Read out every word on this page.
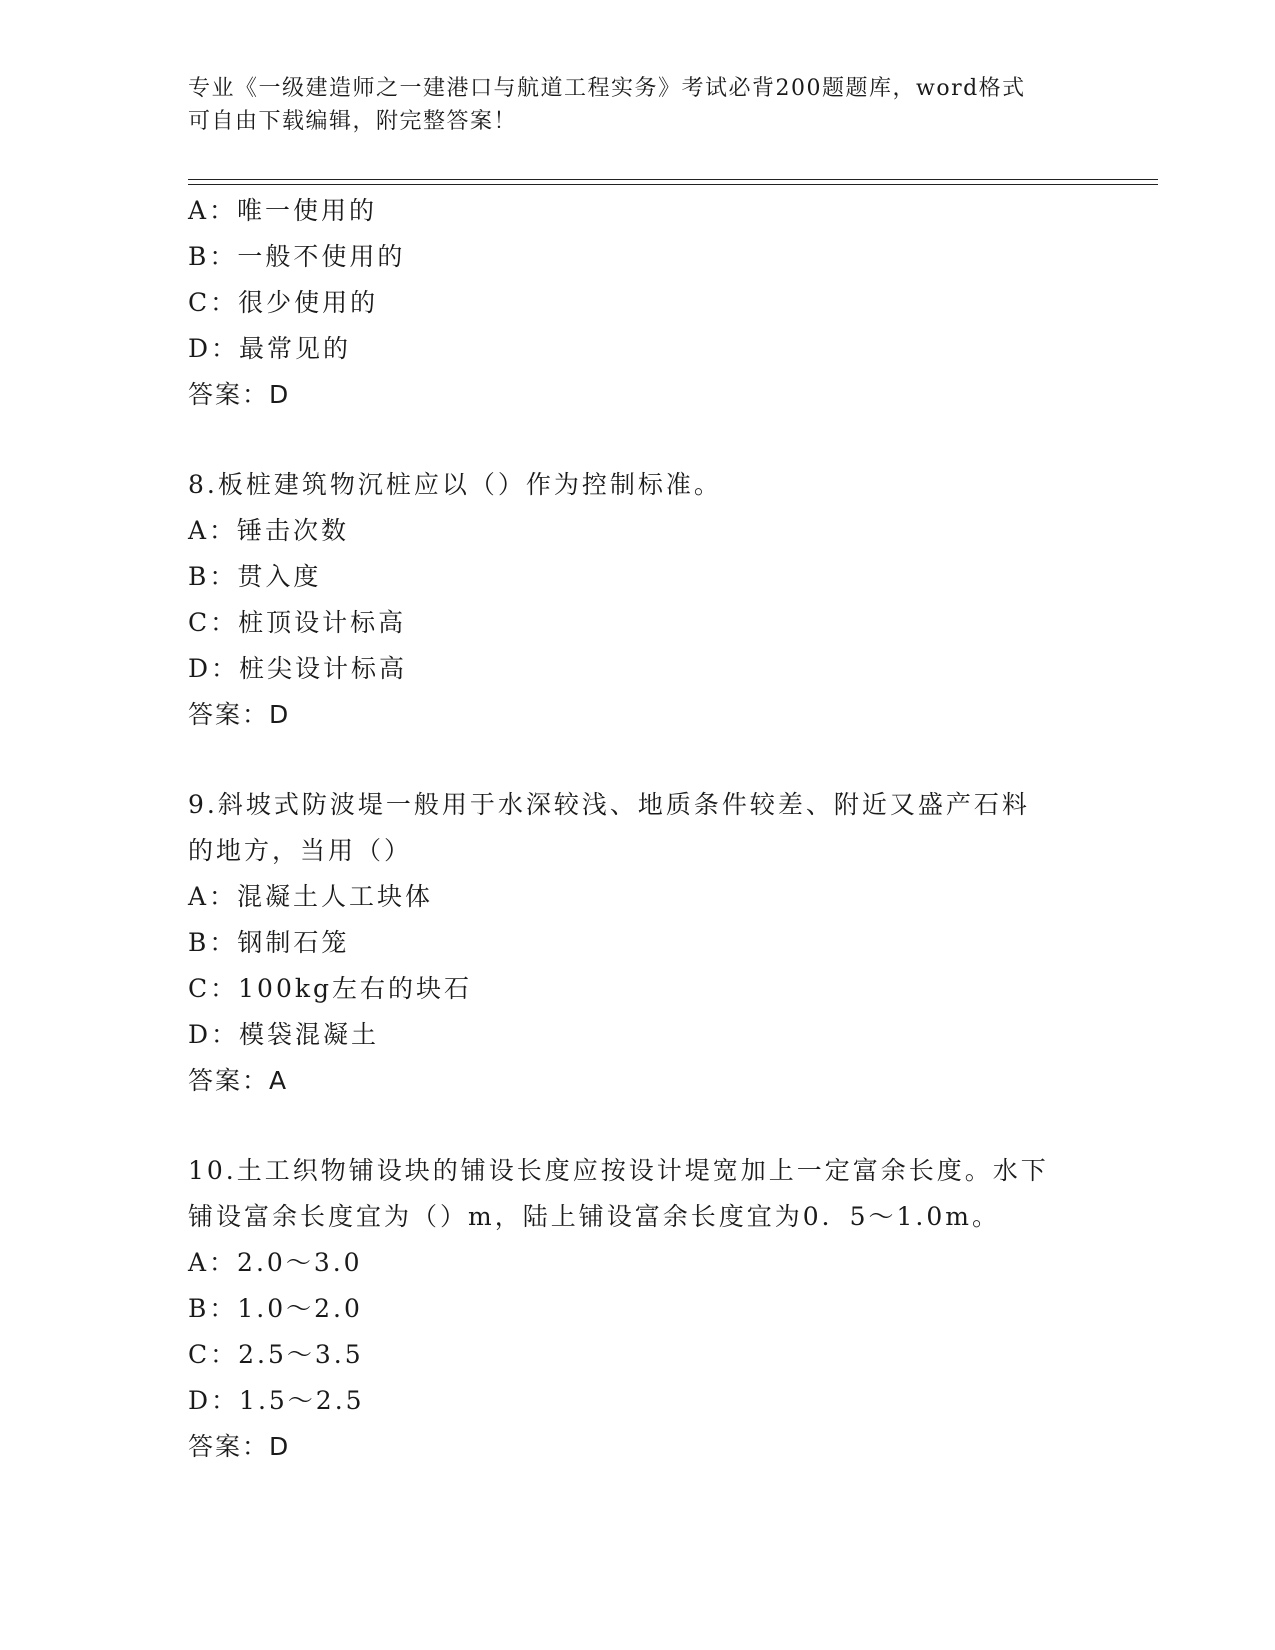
专业《一级建造师之一建港口与航道工程实务》考试必背200题题库，word格式
可自由下载编辑，附完整答案！
A：唯一使用的
B：一般不使用的
C：很少使用的
D：最常见的
答案：D
8.板桩建筑物沉桩应以（）作为控制标准。
A：锤击次数
B：贯入度
C：桩顶设计标高
D：桩尖设计标高
答案：D
9.斜坡式防波堤一般用于水深较浅、地质条件较差、附近又盛产石料
的地方，当用（）
A：混凝土人工块体
B：钢制石笼
C：100kg左右的块石
D：模袋混凝土
答案：A
10.土工织物铺设块的铺设长度应按设计堤宽加上一定富余长度。水下
铺设富余长度宜为（）m，陆上铺设富余长度宜为0．5～1.0m。
A：2.0～3.0
B：1.0～2.0
C：2.5～3.5
D：1.5～2.5
答案：D
